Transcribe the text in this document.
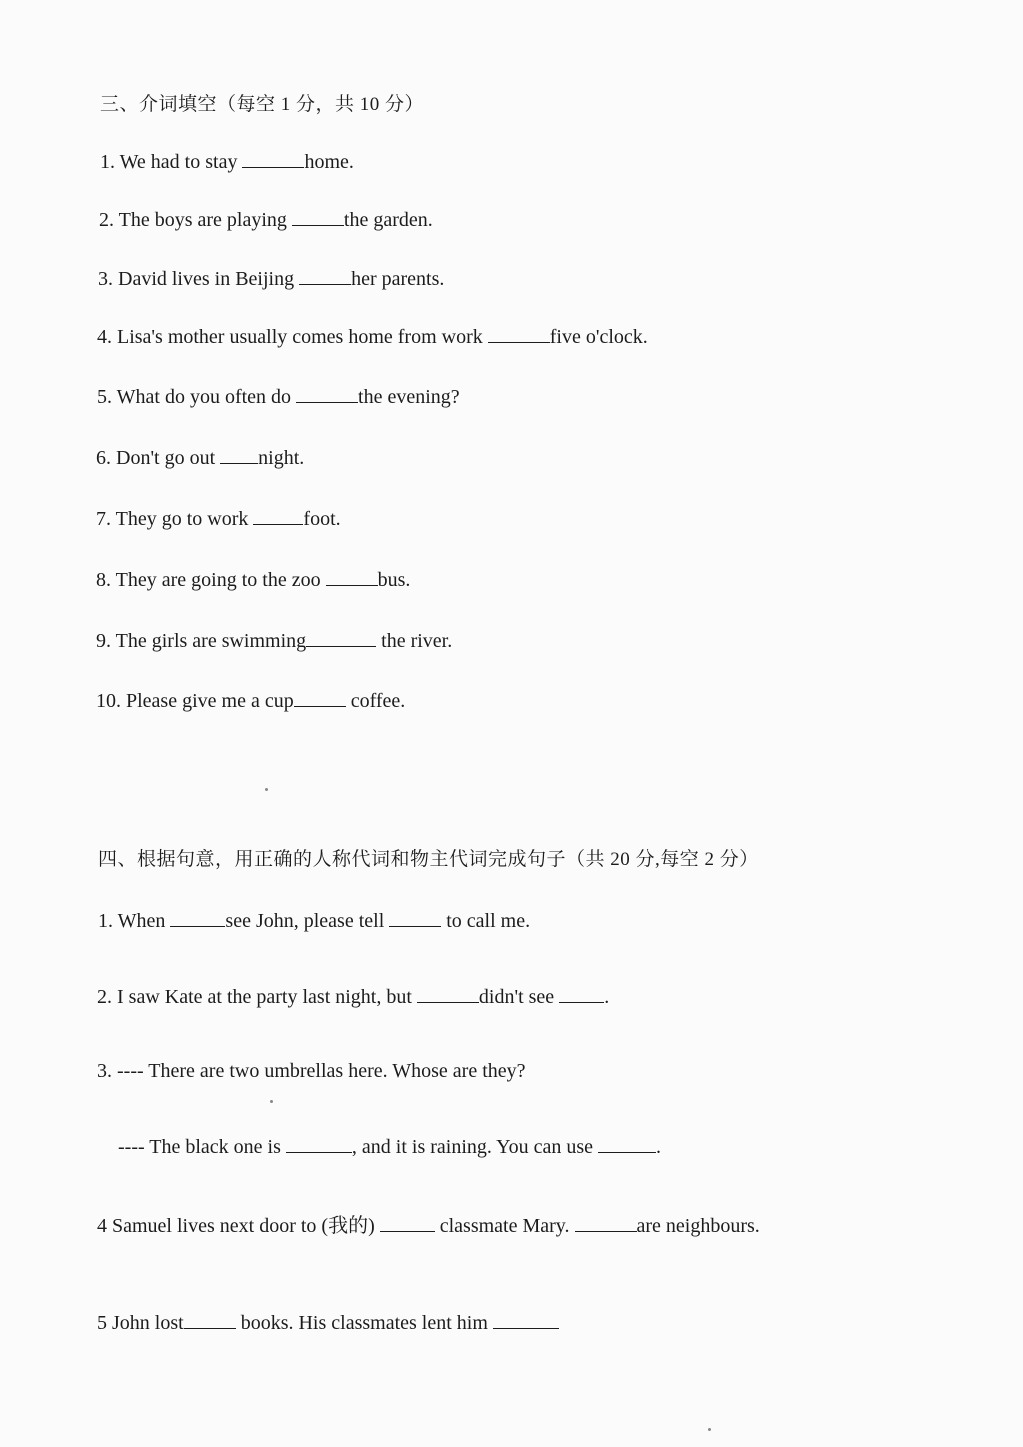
三、介词填空（每空 1 分，共 10 分）
1. We had to stay	home.
2. The boys are playing	the garden.
3. David lives in Beijing	her parents.
4. Lisa's mother usually comes home from work	five o'clock.
5. What do you often do	the evening?
6. Don't go out night.
7. They go to work	foot.
8. They are going to the zoo	bus.
9. The girls are swimming	the river.
10. Please give me a cup	coffee.
四、根据句意，用正确的人称代词和物主代词完成句子（共 20 分,每空 2 分）
1. When	see John, please tell	to call me.
2. I saw Kate at the party last night, but	didn't see .
3. ---- There are two umbrellas here. Whose are they?
---- The black one is	, and it is raining. You can use	.
4 Samuel lives next door to (我的)	classmate Mary.	are neighbours.
5 John lost	books. His classmates lent him
